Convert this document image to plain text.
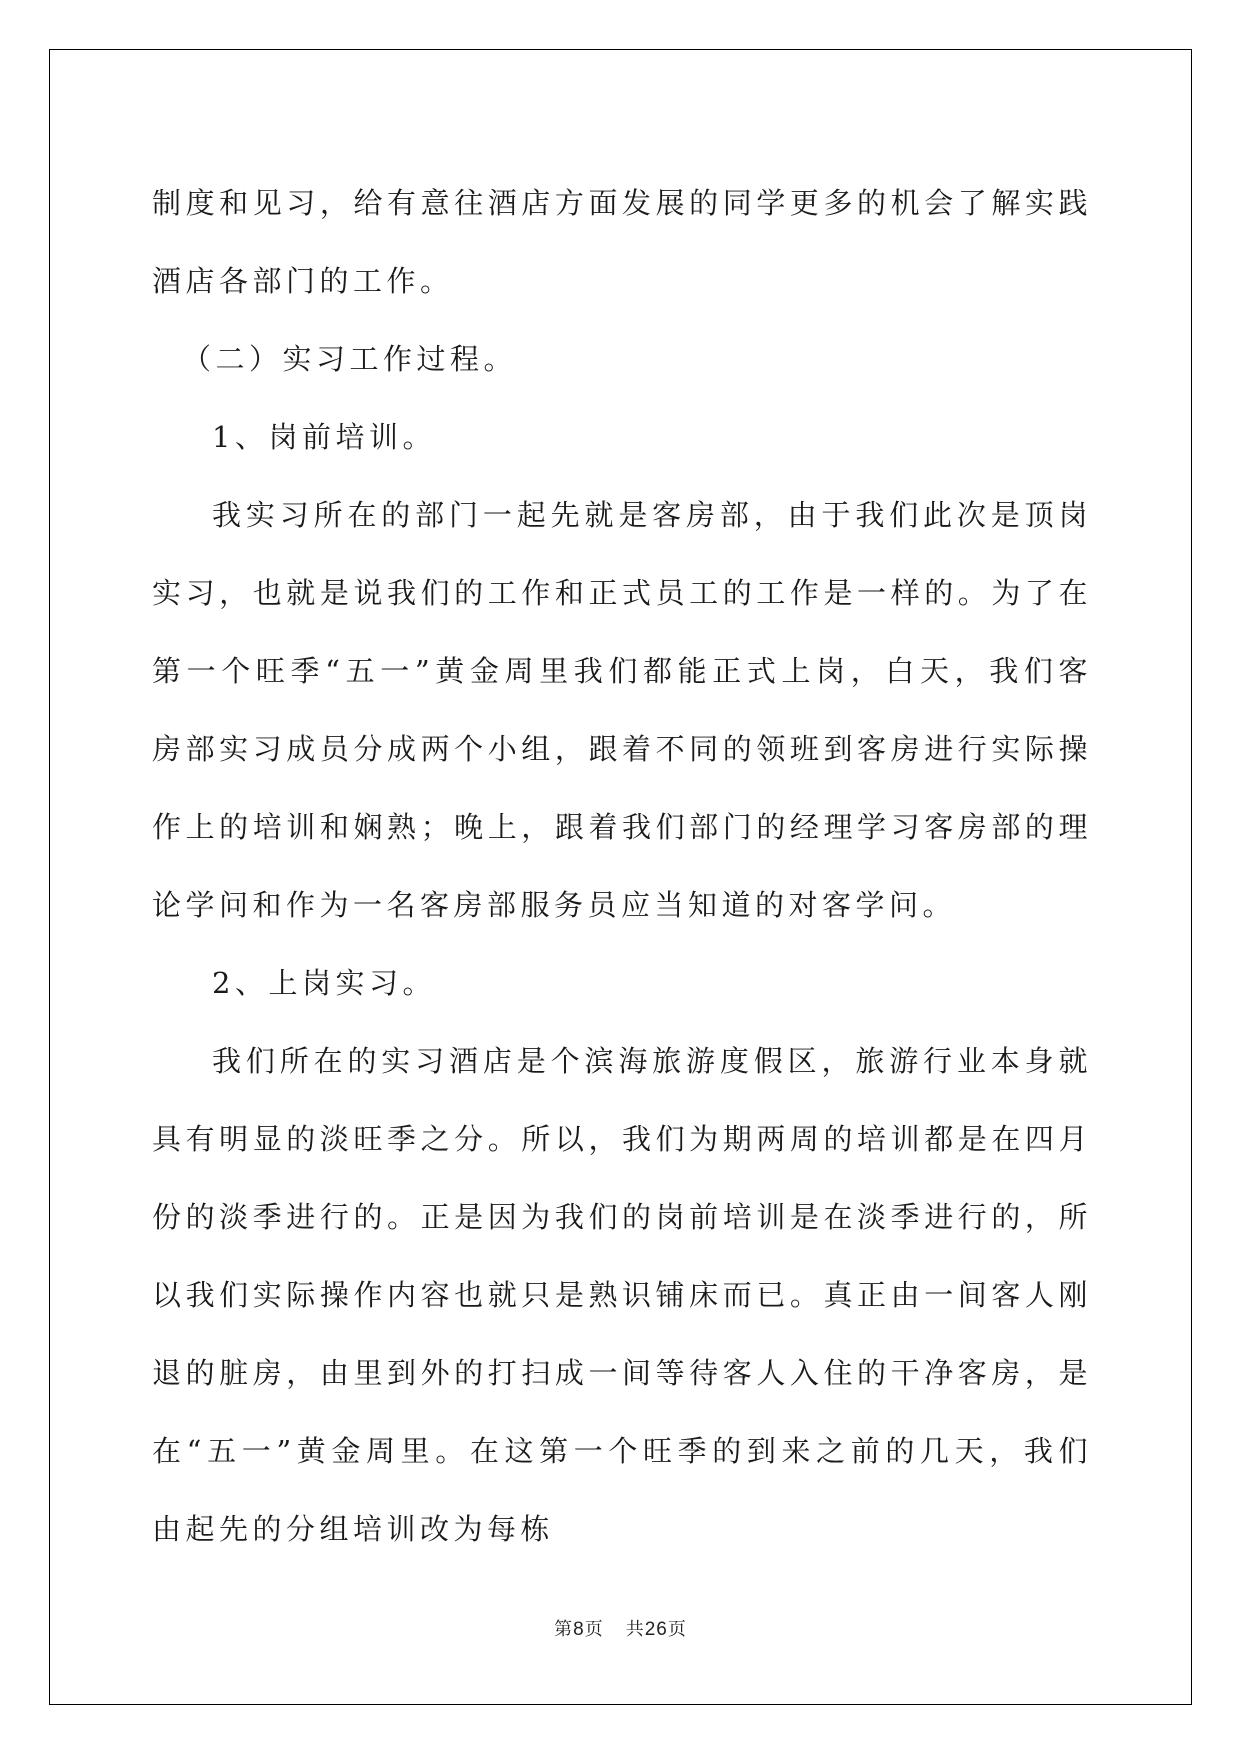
制度和见习，给有意往酒店方面发展的同学更多的机会了解实践酒店各部门的工作。

（二）实习工作过程。

1、岗前培训。

我实习所在的部门一起先就是客房部，由于我们此次是顶岗实习，也就是说我们的工作和正式员工的工作是一样的。为了在第一个旺季“五一”黄金周里我们都能正式上岗，白天，我们客房部实习成员分成两个小组，跟着不同的领班到客房进行实际操作上的培训和娴熟；晚上，跟着我们部门的经理学习客房部的理论学问和作为一名客房部服务员应当知道的对客学问。

2、上岗实习。

我们所在的实习酒店是个滨海旅游度假区，旅游行业本身就具有明显的淡旺季之分。所以，我们为期两周的培训都是在四月份的淡季进行的。正是因为我们的岗前培训是在淡季进行的，所以我们实际操作内容也就只是熟识铺床而已。真正由一间客人刚退的脏房，由里到外的打扫成一间等待客人入住的干净客房，是在“五一”黄金周里。在这第一个旺季的到来之前的几天，我们由起先的分组培训改为每栋

第8页 共26页
